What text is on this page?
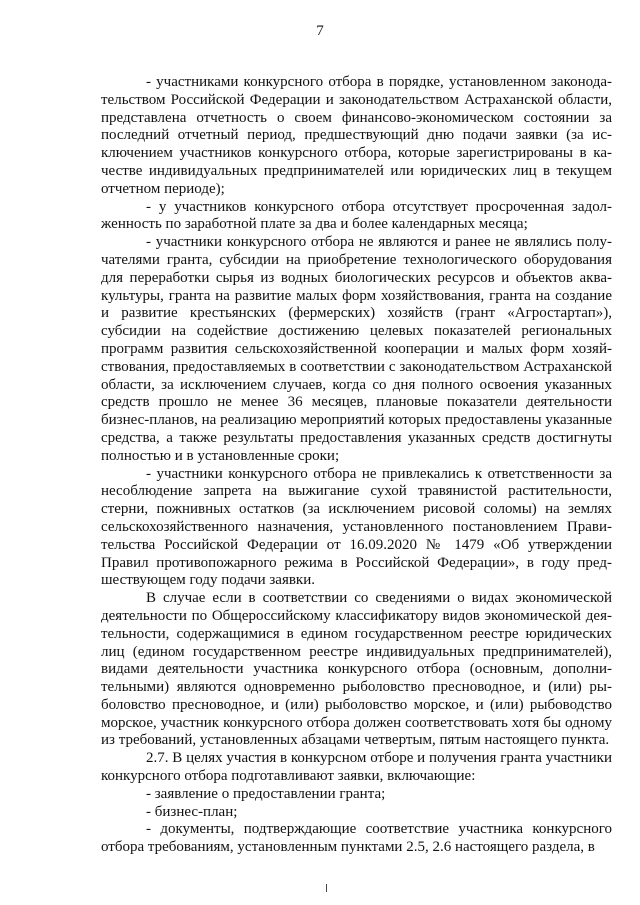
7

- участниками конкурсного отбора в порядке, установленном законодательством Российской Федерации и законодательством Астраханской области, представлена отчетность о своем финансово-экономическом состоянии за последний отчетный период, предшествующий дню подачи заявки (за исключением участников конкурсного отбора, которые зарегистрированы в качестве индивидуальных предпринимателей или юридических лиц в текущем отчетном периоде);

- у участников конкурсного отбора отсутствует просроченная задолженность по заработной плате за два и более календарных месяца;

- участники конкурсного отбора не являются и ранее не являлись получателями гранта, субсидии на приобретение технологического оборудования для переработки сырья из водных биологических ресурсов и объектов аквакультуры, гранта на развитие малых форм хозяйствования, гранта на создание и развитие крестьянских (фермерских) хозяйств (грант «Агростартап»), субсидии на содействие достижению целевых показателей региональных программ развития сельскохозяйственной кооперации и малых форм хозяйствования, предоставляемых в соответствии с законодательством Астраханской области, за исключением случаев, когда со дня полного освоения указанных средств прошло не менее 36 месяцев, плановые показатели деятельности бизнес-планов, на реализацию мероприятий которых предоставлены указанные средства, а также результаты предоставления указанных средств достигнуты полностью и в установленные сроки;

- участники конкурсного отбора не привлекались к ответственности за несоблюдение запрета на выжигание сухой травянистой растительности, стерни, пожнивных остатков (за исключением рисовой соломы) на землях сельскохозяйственного назначения, установленного постановлением Правительства Российской Федерации от 16.09.2020 № 1479 «Об утверждении Правил противопожарного режима в Российской Федерации», в году предшествующем году подачи заявки.

В случае если в соответствии со сведениями о видах экономической деятельности по Общероссийскому классификатору видов экономической деятельности, содержащимися в едином государственном реестре юридических лиц (едином государственном реестре индивидуальных предпринимателей), видами деятельности участника конкурсного отбора (основным, дополнительными) являются одновременно рыболовство пресноводное, и (или) рыболовство пресноводное, и (или) рыболовство морское, и (или) рыбоводство морское, участник конкурсного отбора должен соответствовать хотя бы одному из требований, установленных абзацами четвертым, пятым настоящего пункта.

2.7. В целях участия в конкурсном отборе и получения гранта участники конкурсного отбора подготавливают заявки, включающие:

- заявление о предоставлении гранта;

- бизнес-план;

- документы, подтверждающие соответствие участника конкурсного отбора требованиям, установленным пунктами 2.5, 2.6 настоящего раздела, в
